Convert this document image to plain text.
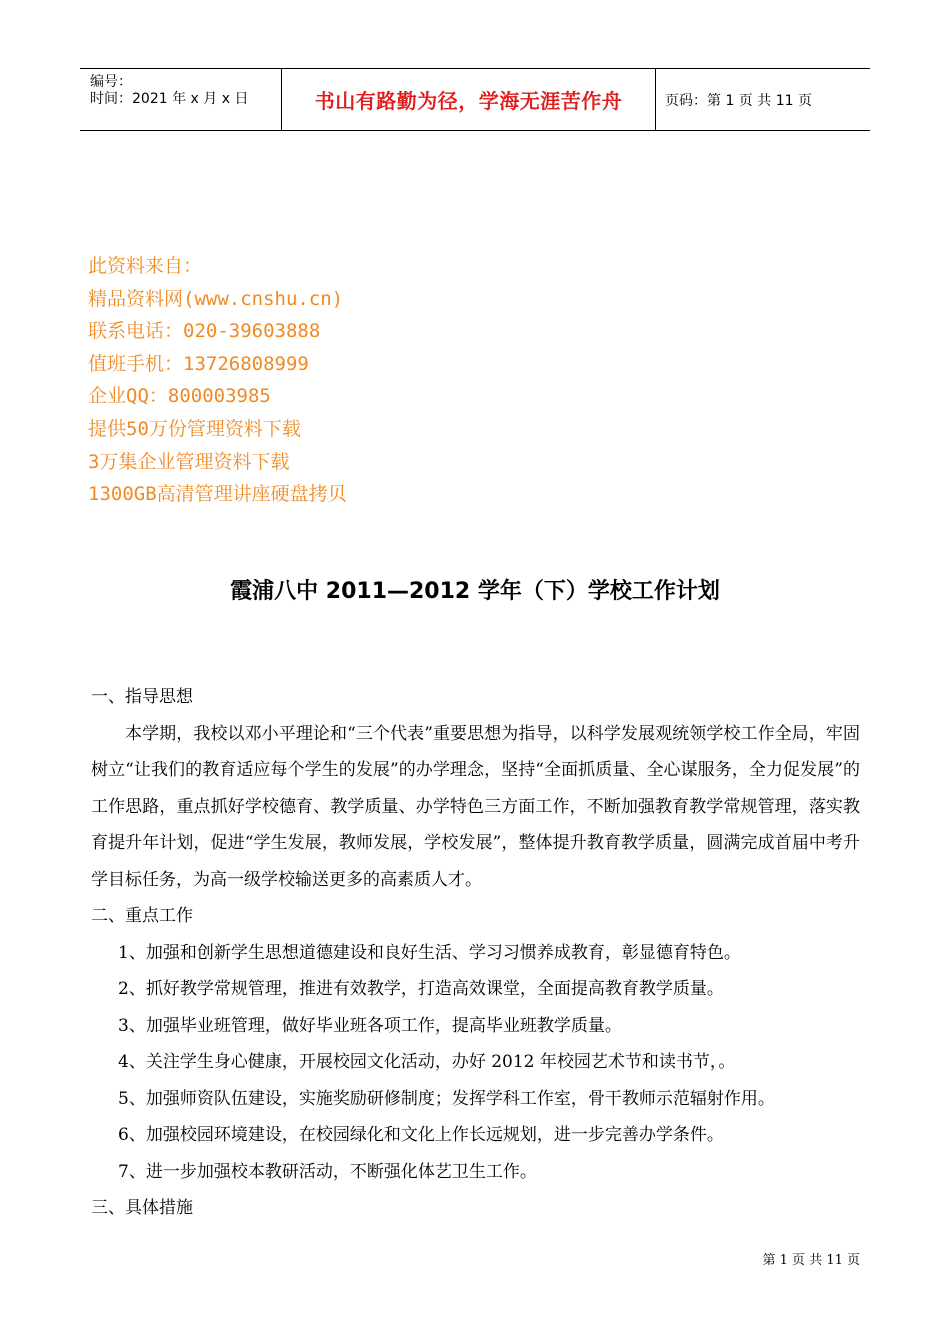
编号：
时间：2021 年 x 月 x 日	书山有路勤为径，学海无涯苦作舟	页码：第 1 页 共 11 页
此资料来自：
精品资料网(www.cnshu.cn)
联系电话：020-39603888
值班手机：13726808999
企业QQ：800003985
提供50万份管理资料下载
3万集企业管理资料下载
1300GB高清管理讲座硬盘拷贝
霞浦八中 2011—2012 学年（下）学校工作计划
一、指导思想

本学期，我校以邓小平理论和“三个代表”重要思想为指导，以科学发展观统领学校工作全局，牢固树立“让我们的教育适应每个学生的发展”的办学理念，坚持“全面抓质量、全心谋服务，全力促发展”的工作思路，重点抓好学校德育、教学质量、办学特色三方面工作，不断加强教育教学常规管理，落实教育提升年计划，促进“学生发展，教师发展，学校发展”，整体提升教育教学质量，圆满完成首届中考升学目标任务，为高一级学校输送更多的高素质人才。

二、重点工作
1、加强和创新学生思想道德建设和良好生活、学习习惯养成教育，彰显德育特色。
2、抓好教学常规管理，推进有效教学，打造高效课堂，全面提高教育教学质量。
3、加强毕业班管理，做好毕业班各项工作，提高毕业班教学质量。
4、关注学生身心健康，开展校园文化活动，办好 2012 年校园艺术节和读书节，。
5、加强师资队伍建设，实施奖励研修制度；发挥学科工作室，骨干教师示范辐射作用。
6、加强校园环境建设，在校园绿化和文化上作长远规划，进一步完善办学条件。
7、进一步加强校本教研活动，不断强化体艺卫生工作。
三、具体措施
第 1 页 共 11 页
